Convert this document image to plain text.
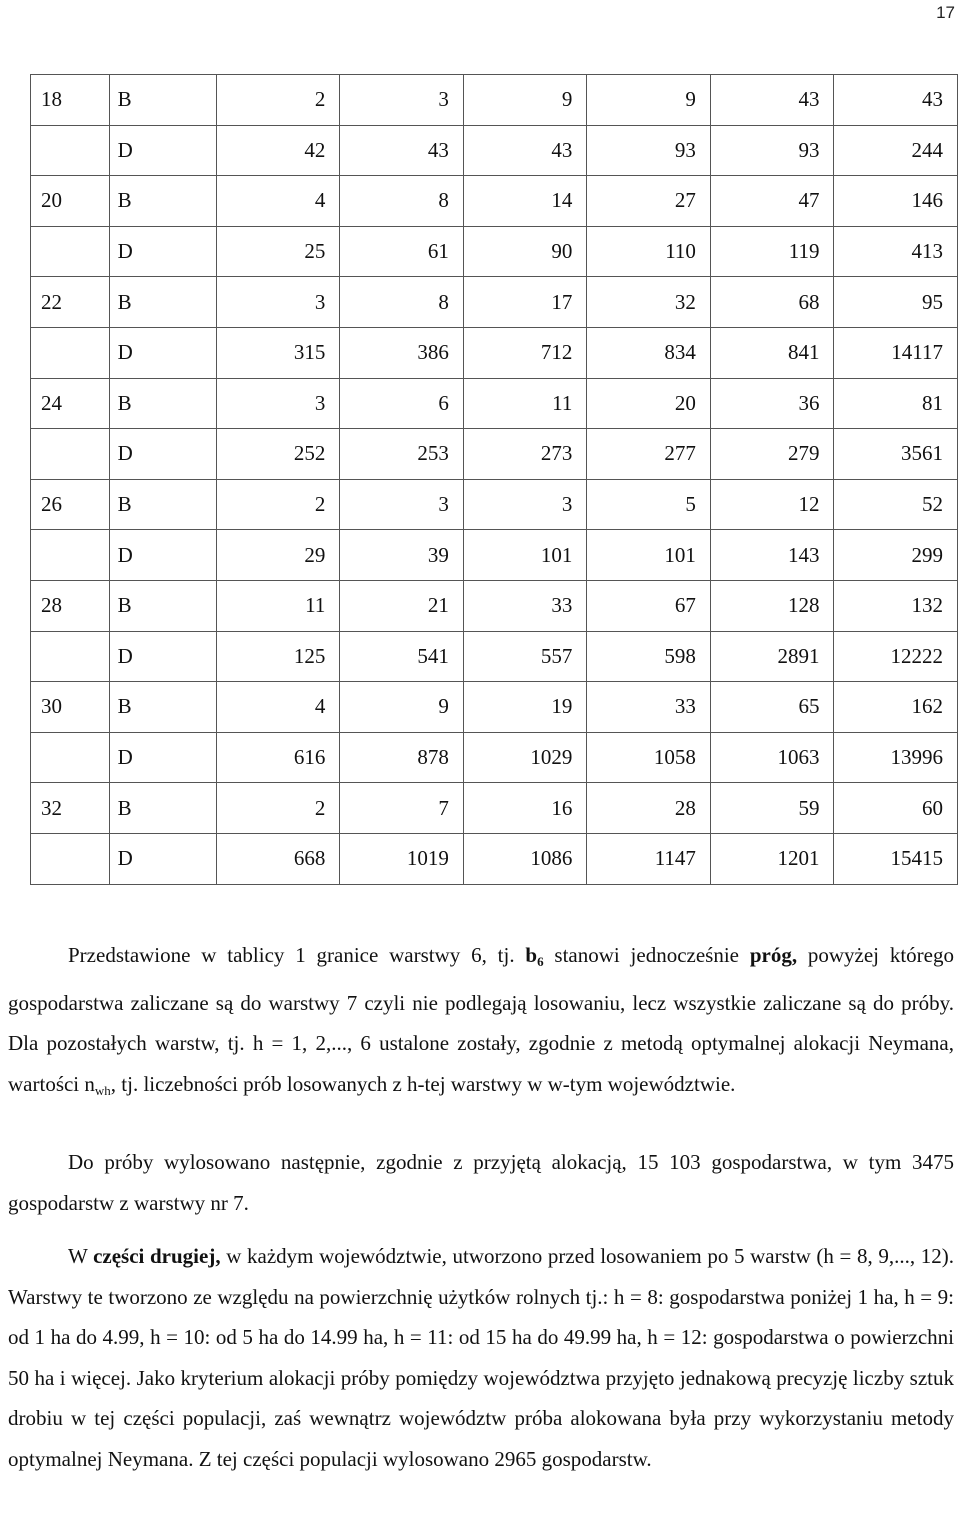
17
18	B	2	3	9	9	43	43
	D	42	43	43	93	93	244
20	B	4	8	14	27	47	146
	D	25	61	90	110	119	413
22	B	3	8	17	32	68	95
	D	315	386	712	834	841	14117
24	B	3	6	11	20	36	81
	D	252	253	273	277	279	3561
26	B	2	3	3	5	12	52
	D	29	39	101	101	143	299
28	B	11	21	33	67	128	132
	D	125	541	557	598	2891	12222
30	B	4	9	19	33	65	162
	D	616	878	1029	1058	1063	13996
32	B	2	7	16	28	59	60
	D	668	1019	1086	1147	1201	15415
Przedstawione w tablicy 1 granice warstwy 6, tj. $b_6$ stanowi jednocześnie próg, powyżej którego gospodarstwa zaliczane są do warstwy 7 czyli nie podlegają losowaniu, lecz wszystkie zaliczane są do próby. Dla pozostałych warstw, tj. h = 1, 2,..., 6 ustalone zostały, zgodnie z metodą optymalnej alokacji Neymana, wartości $n_{wh}$, tj. liczebności prób losowanych z h-tej warstwy w w-tym województwie.
Do próby wylosowano następnie, zgodnie z przyjętą alokacją, 15 103 gospodarstwa, w tym 3475 gospodarstw z warstwy nr 7.
W części drugiej, w każdym województwie, utworzono przed losowaniem po 5 warstw (h = 8, 9,..., 12). Warstwy te tworzono ze względu na powierzchnię użytków rolnych tj.: h = 8: gospodarstwa poniżej 1 ha, h = 9: od 1 ha do 4.99, h = 10: od 5 ha do 14.99 ha, h = 11: od 15 ha do 49.99 ha, h = 12: gospodarstwa o powierzchni 50 ha i więcej. Jako kryterium alokacji próby pomiędzy województwa przyjęto jednakową precyzję liczby sztuk drobiu w tej części populacji, zaś wewnątrz województw próba alokowana była przy wykorzystaniu metody optymalnej Neymana. Z tej części populacji wylosowano 2965 gospodarstw.
